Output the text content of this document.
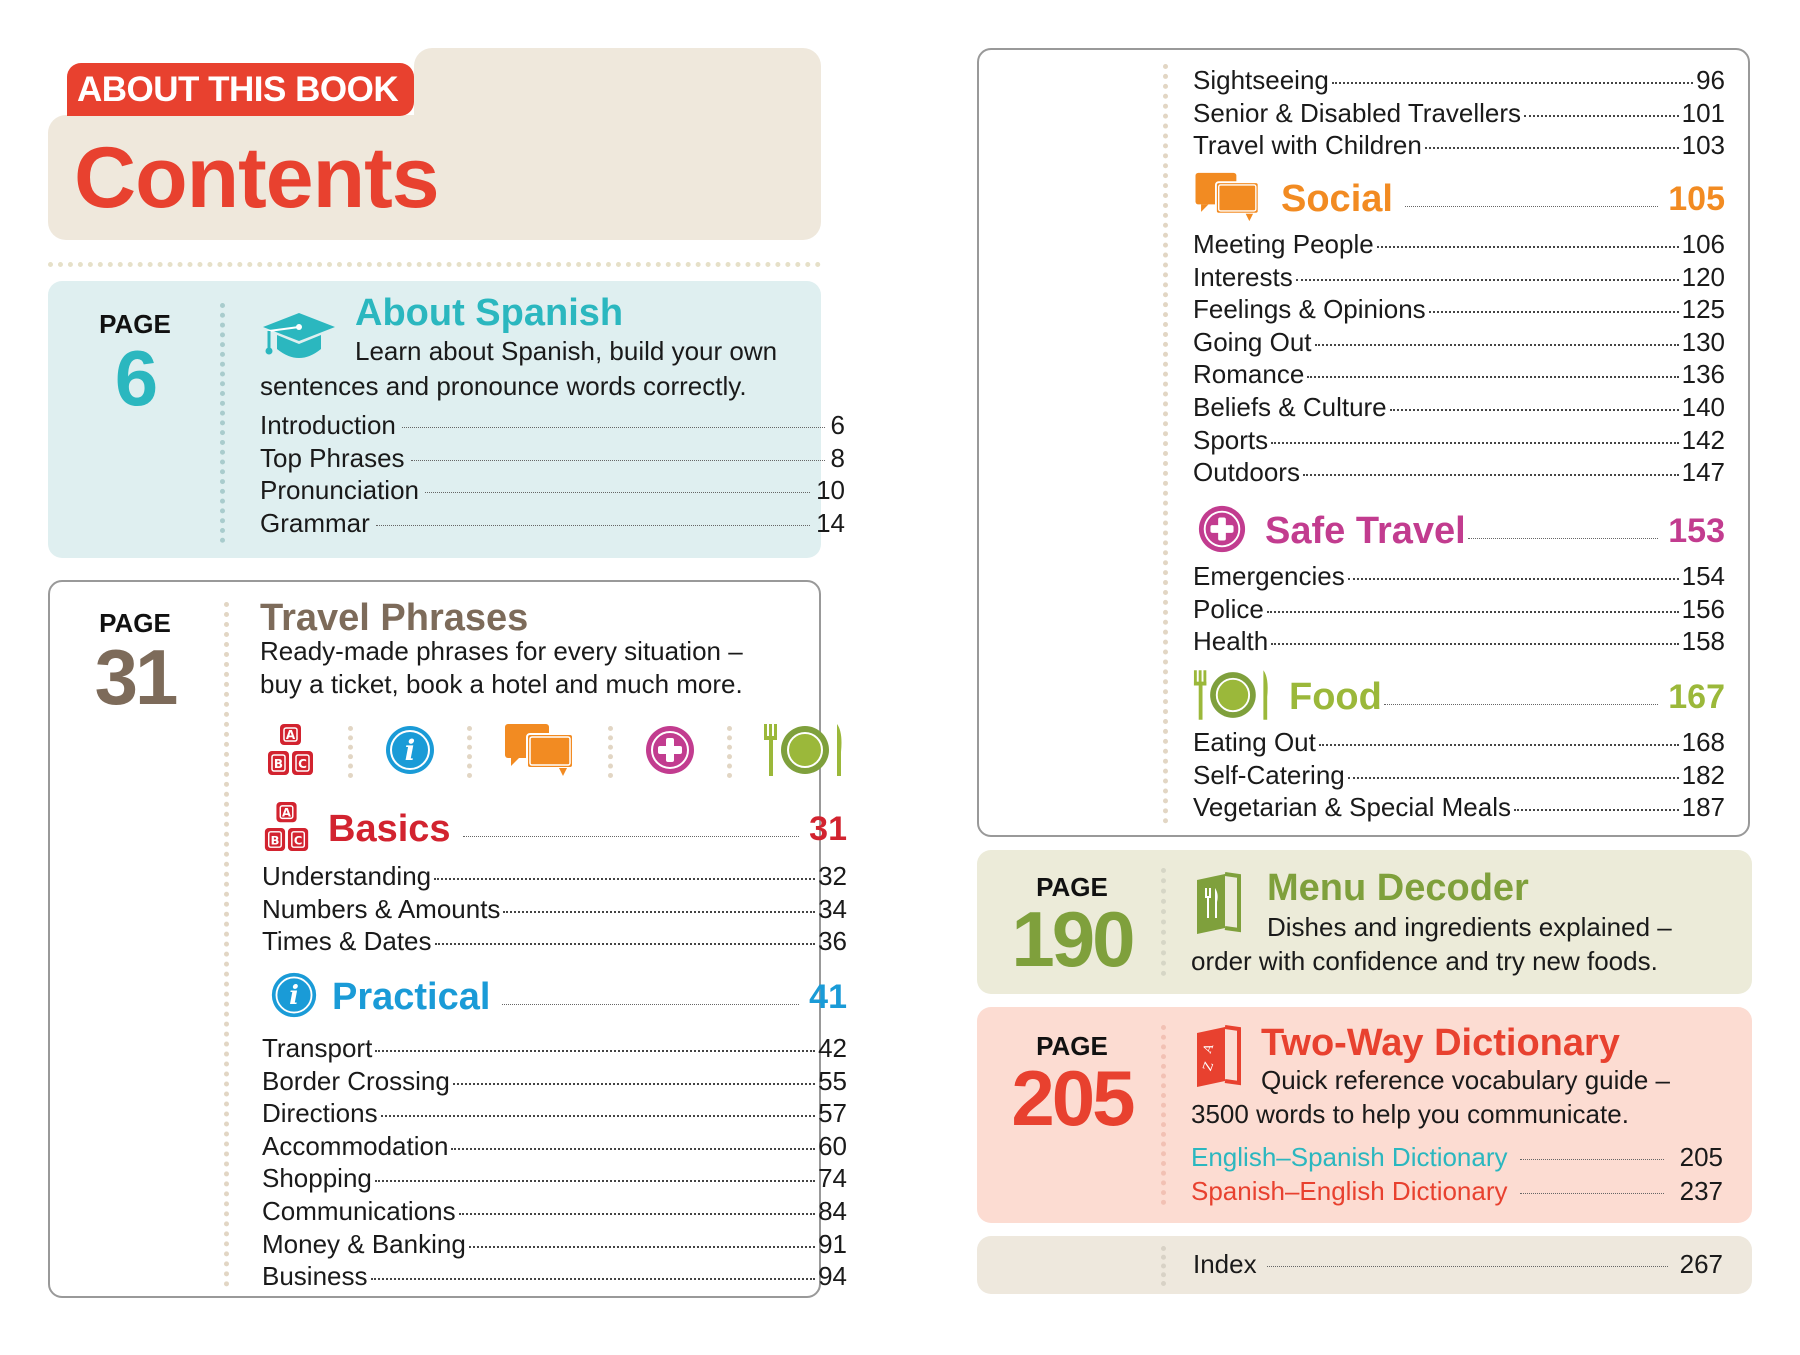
ABOUT THIS BOOK
Contents
PAGE
6
About Spanish
Learn about Spanish, build your own
sentences and pronounce words correctly.
Introduction	6
Top Phrases	8
Pronunciation	10
Grammar	14
PAGE
31
Travel Phrases
Ready-made phrases for every situation –
buy a ticket, book a hotel and much more.
A
B C	i
A
B C Basics	31
Understanding	32
Numbers & Amounts	34
Times & Dates	36
i Practical	41
Transport	42
Border Crossing	55
Directions	57
Accommodation	60
Shopping	74
Communications	84
Money & Banking	91
Business	94
Sightseeing	96
Senior & Disabled Travellers	101
Travel with Children	103
Social	105
Meeting People	106
Interests	120
Feelings & Opinions	125
Going Out	130
Romance	136
Beliefs & Culture	140
Sports	142
Outdoors	147
Safe Travel	153
Emergencies	154
Police	156
Health	158
Food	167
Eating Out	168
Self-Catering	182
Vegetarian & Special Meals	187
PAGE
190
Menu Decoder
Dishes and ingredients explained –
order with confidence and try new foods.
PAGE
205
A
Z
Two-Way Dictionary
Quick reference vocabulary guide –
3500 words to help you communicate.
English–Spanish Dictionary	205
Spanish–English Dictionary	237
Index	267
